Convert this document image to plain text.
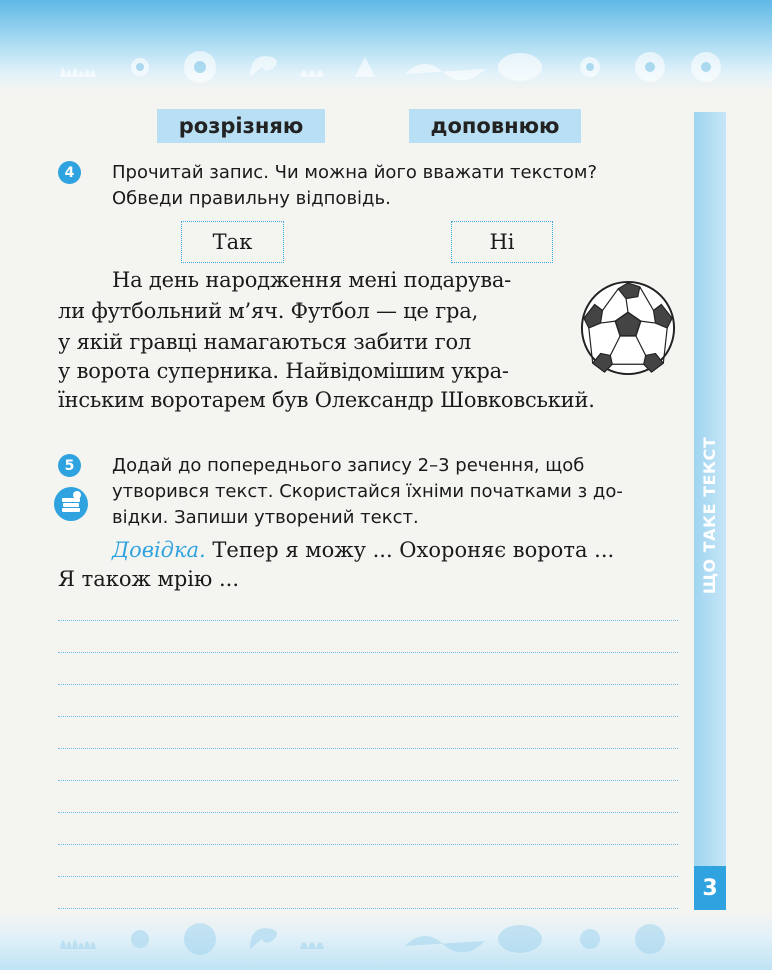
розрізняю	доповнюю
4	Прочитай запис. Чи можна його вважати текстом?
Обведи правильну відповідь.
Так	Ні
На день народження мені подарува-
ли футбольний м’яч. Футбол — це гра,
у якій гравці намагаються забити гол
у ворота суперника. Найвідомішим укра-
їнським воротарем був Олександр Шовковський.
5	Додай до попереднього запису 2–3 речення, щоб
утворився текст. Скористайся їхніми початками з до-
відки. Запиши утворений текст.
Довідка. Тепер я можу ... Охороняє ворота ...
Я також мрію ...	ЩО ТАКЕ ТЕКСТ
3
